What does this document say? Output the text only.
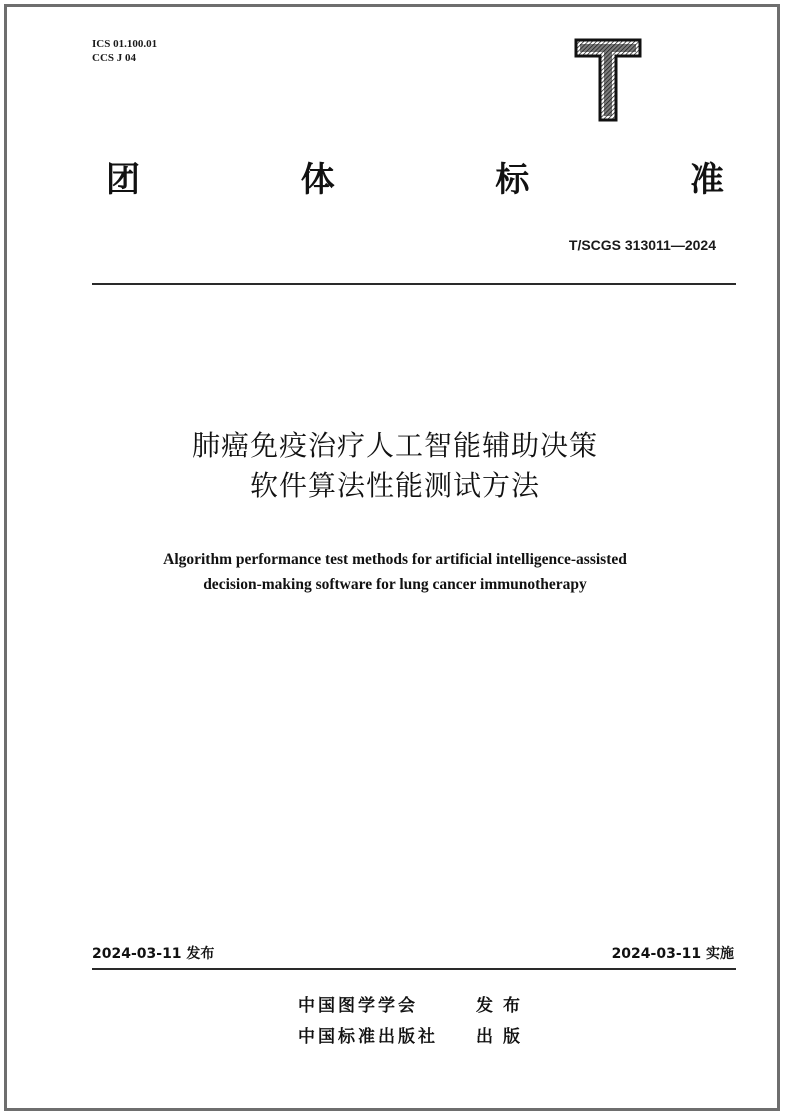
ICS 01.100.01
CCS J 04
团	体	标	准
T/SCGS 313011—2024
肺癌免疫治疗人工智能辅助决策
软件算法性能测试方法
Algorithm performance test methods for artificial intelligence-assisted
decision-making software for lung cancer immunotherapy
2024-03-11 发布	2024-03-11 实施
中国图学学会	发布
中国标准出版社 出版
